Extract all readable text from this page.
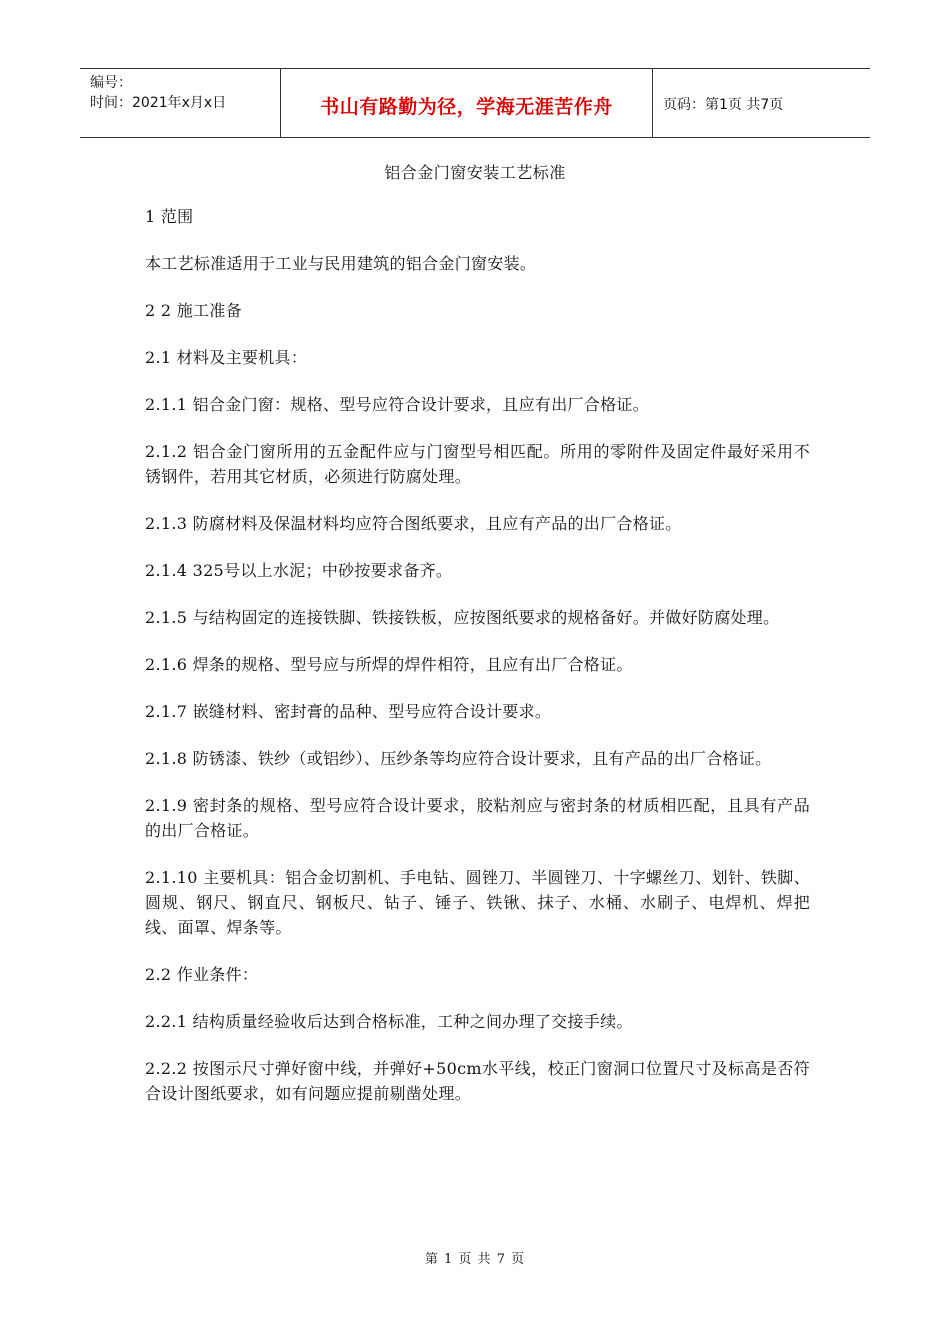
编号：
时间：2021年x月x日	书山有路勤为径，学海无涯苦作舟	页码：第1页 共7页
铝合金门窗安装工艺标准

1 范围

本工艺标准适用于工业与民用建筑的铝合金门窗安装。

2 2 施工准备

2.1 材料及主要机具：

2.1.1 铝合金门窗：规格、型号应符合设计要求，且应有出厂合格证。

2.1.2 铝合金门窗所用的五金配件应与门窗型号相匹配。所用的零附件及固定件最好采用不锈钢件，若用其它材质，必须进行防腐处理。

2.1.3 防腐材料及保温材料均应符合图纸要求，且应有产品的出厂合格证。

2.1.4 325号以上水泥；中砂按要求备齐。

2.1.5 与结构固定的连接铁脚、铁接铁板，应按图纸要求的规格备好。并做好防腐处理。

2.1.6 焊条的规格、型号应与所焊的焊件相符，且应有出厂合格证。

2.1.7 嵌缝材料、密封膏的品种、型号应符合设计要求。

2.1.8 防锈漆、铁纱（或铝纱）、压纱条等均应符合设计要求，且有产品的出厂合格证。

2.1.9 密封条的规格、型号应符合设计要求，胶粘剂应与密封条的材质相匹配，且具有产品的出厂合格证。

2.1.10 主要机具：铝合金切割机、手电钻、圆锉刀、半圆锉刀、十字螺丝刀、划针、铁脚、圆规、钢尺、钢直尺、钢板尺、钻子、锤子、铁锹、抹子、水桶、水刷子、电焊机、焊把线、面罩、焊条等。

2.2 作业条件：

2.2.1 结构质量经验收后达到合格标准，工种之间办理了交接手续。

2.2.2 按图示尺寸弹好窗中线，并弹好+50cm水平线，校正门窗洞口位置尺寸及标高是否符合设计图纸要求，如有问题应提前剔凿处理。

第 1 页 共 7 页
